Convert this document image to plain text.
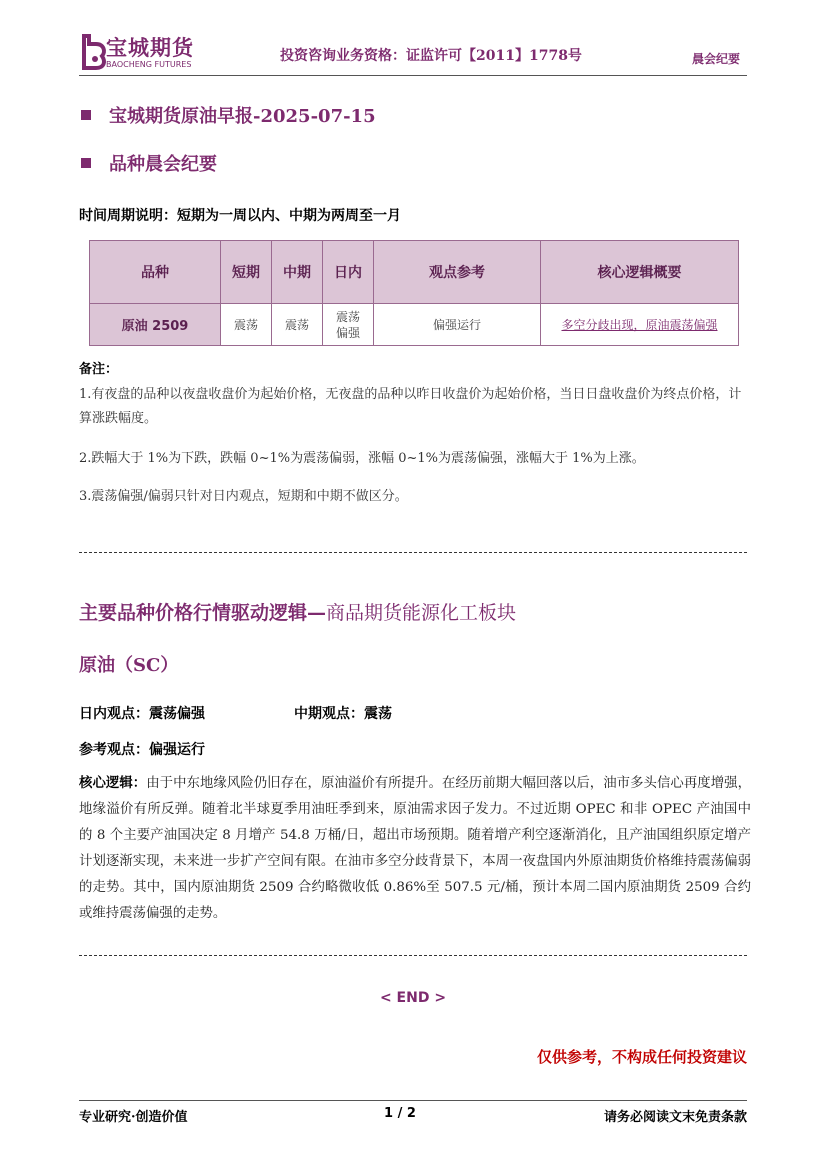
宝城期货
BAOCHENG FUTURES
投资咨询业务资格：证监许可【2011】1778号	晨会纪要
宝城期货原油早报-2025-07-15
品种晨会纪要
时间周期说明：短期为一周以内、中期为两周至一月
品种	短期	中期	日内	观点参考	核心逻辑概要
原油 2509	震荡	震荡	震荡偏强	偏强运行	多空分歧出现，原油震荡偏强
备注：
1.有夜盘的品种以夜盘收盘价为起始价格，无夜盘的品种以昨日收盘价为起始价格，当日日盘收盘价为终点价格，计算涨跌幅度。
2.跌幅大于 1%为下跌，跌幅 0~1%为震荡偏弱，涨幅 0~1%为震荡偏强，涨幅大于 1%为上涨。
3.震荡偏强/偏弱只针对日内观点，短期和中期不做区分。
主要品种价格行情驱动逻辑—商品期货能源化工板块
原油（SC）
日内观点：震荡偏强	中期观点：震荡
参考观点：偏强运行
核心逻辑：由于中东地缘风险仍旧存在，原油溢价有所提升。在经历前期大幅回落以后，油市多头信心再度增强，地缘溢价有所反弹。随着北半球夏季用油旺季到来，原油需求因子发力。不过近期 OPEC 和非 OPEC 产油国中的 8 个主要产油国决定 8 月增产 54.8 万桶/日，超出市场预期。随着增产利空逐渐消化，且产油国组织原定增产计划逐渐实现，未来进一步扩产空间有限。在油市多空分歧背景下，本周一夜盘国内外原油期货价格维持震荡偏弱的走势。其中，国内原油期货 2509 合约略微收低 0.86%至 507.5 元/桶，预计本周二国内原油期货 2509 合约或维持震荡偏强的走势。
< END >
仅供参考，不构成任何投资建议
专业研究·创造价值	1 / 2	请务必阅读文末免责条款
